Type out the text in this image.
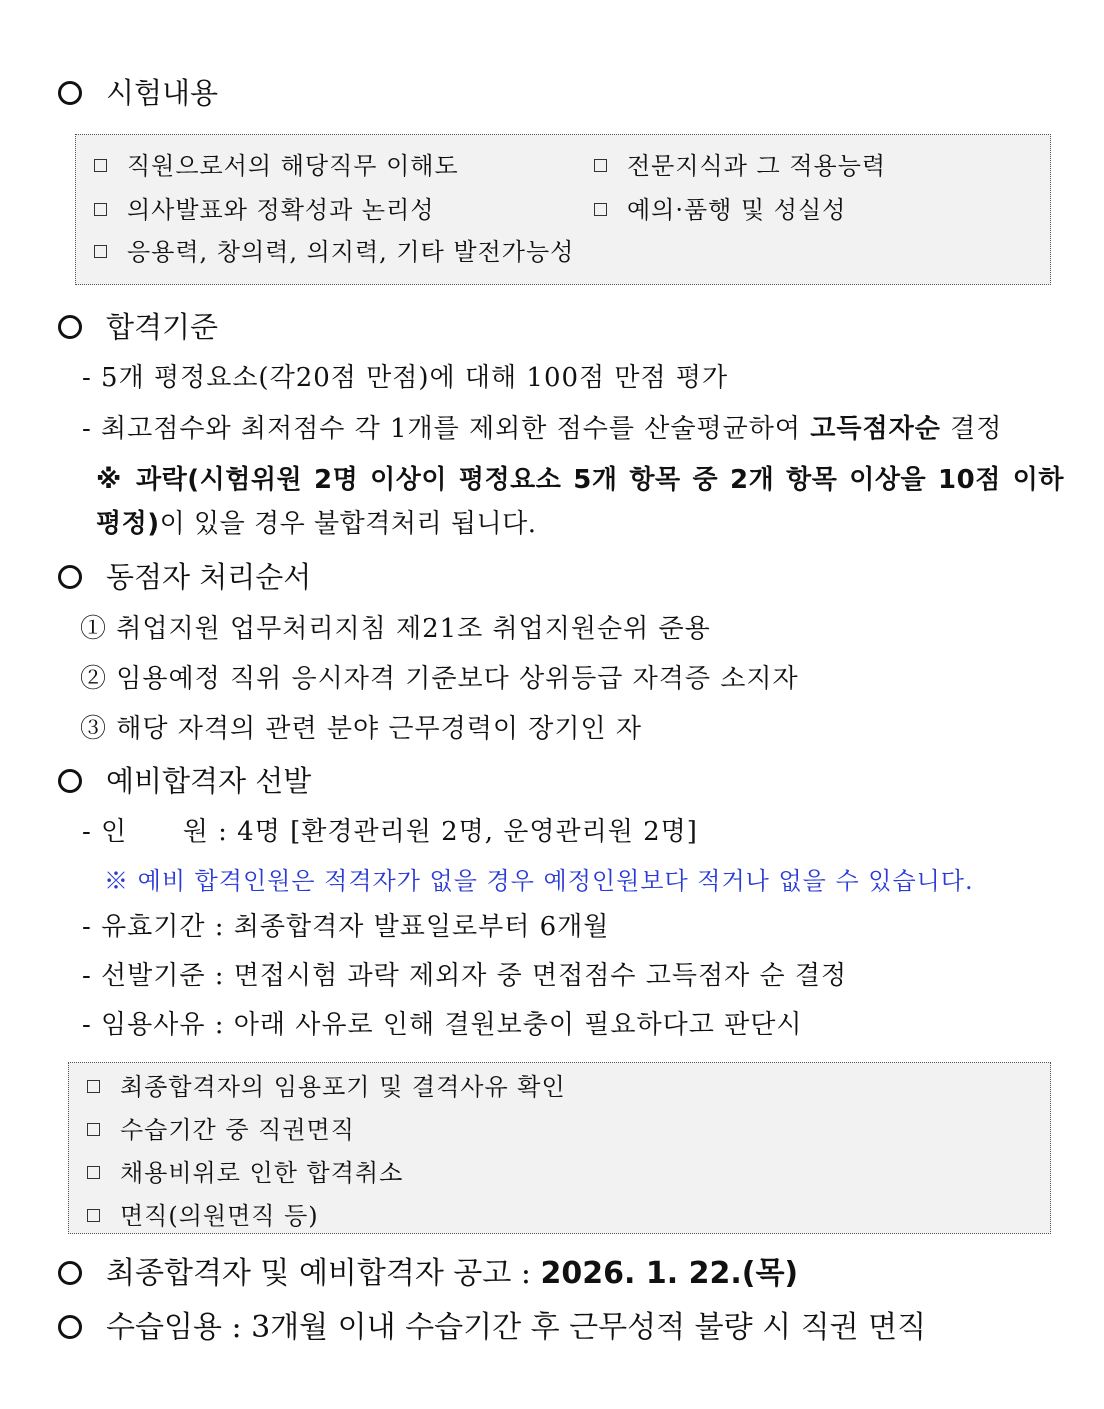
시험내용
직원으로서의 해당직무 이해도	전문지식과 그 적용능력
의사발표와 정확성과 논리성	예의·품행 및 성실성
응용력, 창의력, 의지력, 기타 발전가능성
합격기준
- 5개 평정요소(각20점 만점)에 대해 100점 만점 평가
- 최고점수와 최저점수 각 1개를 제외한 점수를 산술평균하여 고득점자순 결정
※ 과락(시험위원 2명 이상이 평정요소 5개 항목 중 2개 항목 이상을 10점 이하 평정)이 있을 경우 불합격처리 됩니다.
동점자 처리순서
① 취업지원 업무처리지침 제21조 취업지원순위 준용
② 임용예정 직위 응시자격 기준보다 상위등급 자격증 소지자
③ 해당 자격의 관련 분야 근무경력이 장기인 자
예비합격자 선발
- 인      원 : 4명 [환경관리원 2명, 운영관리원 2명]
※ 예비 합격인원은 적격자가 없을 경우 예정인원보다 적거나 없을 수 있습니다.
- 유효기간 : 최종합격자 발표일로부터 6개월
- 선발기준 : 면접시험 과락 제외자 중 면접점수 고득점자 순 결정
- 임용사유 : 아래 사유로 인해 결원보충이 필요하다고 판단시
최종합격자의 임용포기 및 결격사유 확인
수습기간 중 직권면직
채용비위로 인한 합격취소
면직(의원면직 등)
최종합격자 및 예비합격자 공고 : 2026. 1. 22.(목)
수습임용 : 3개월 이내 수습기간 후 근무성적 불량 시 직권 면직
